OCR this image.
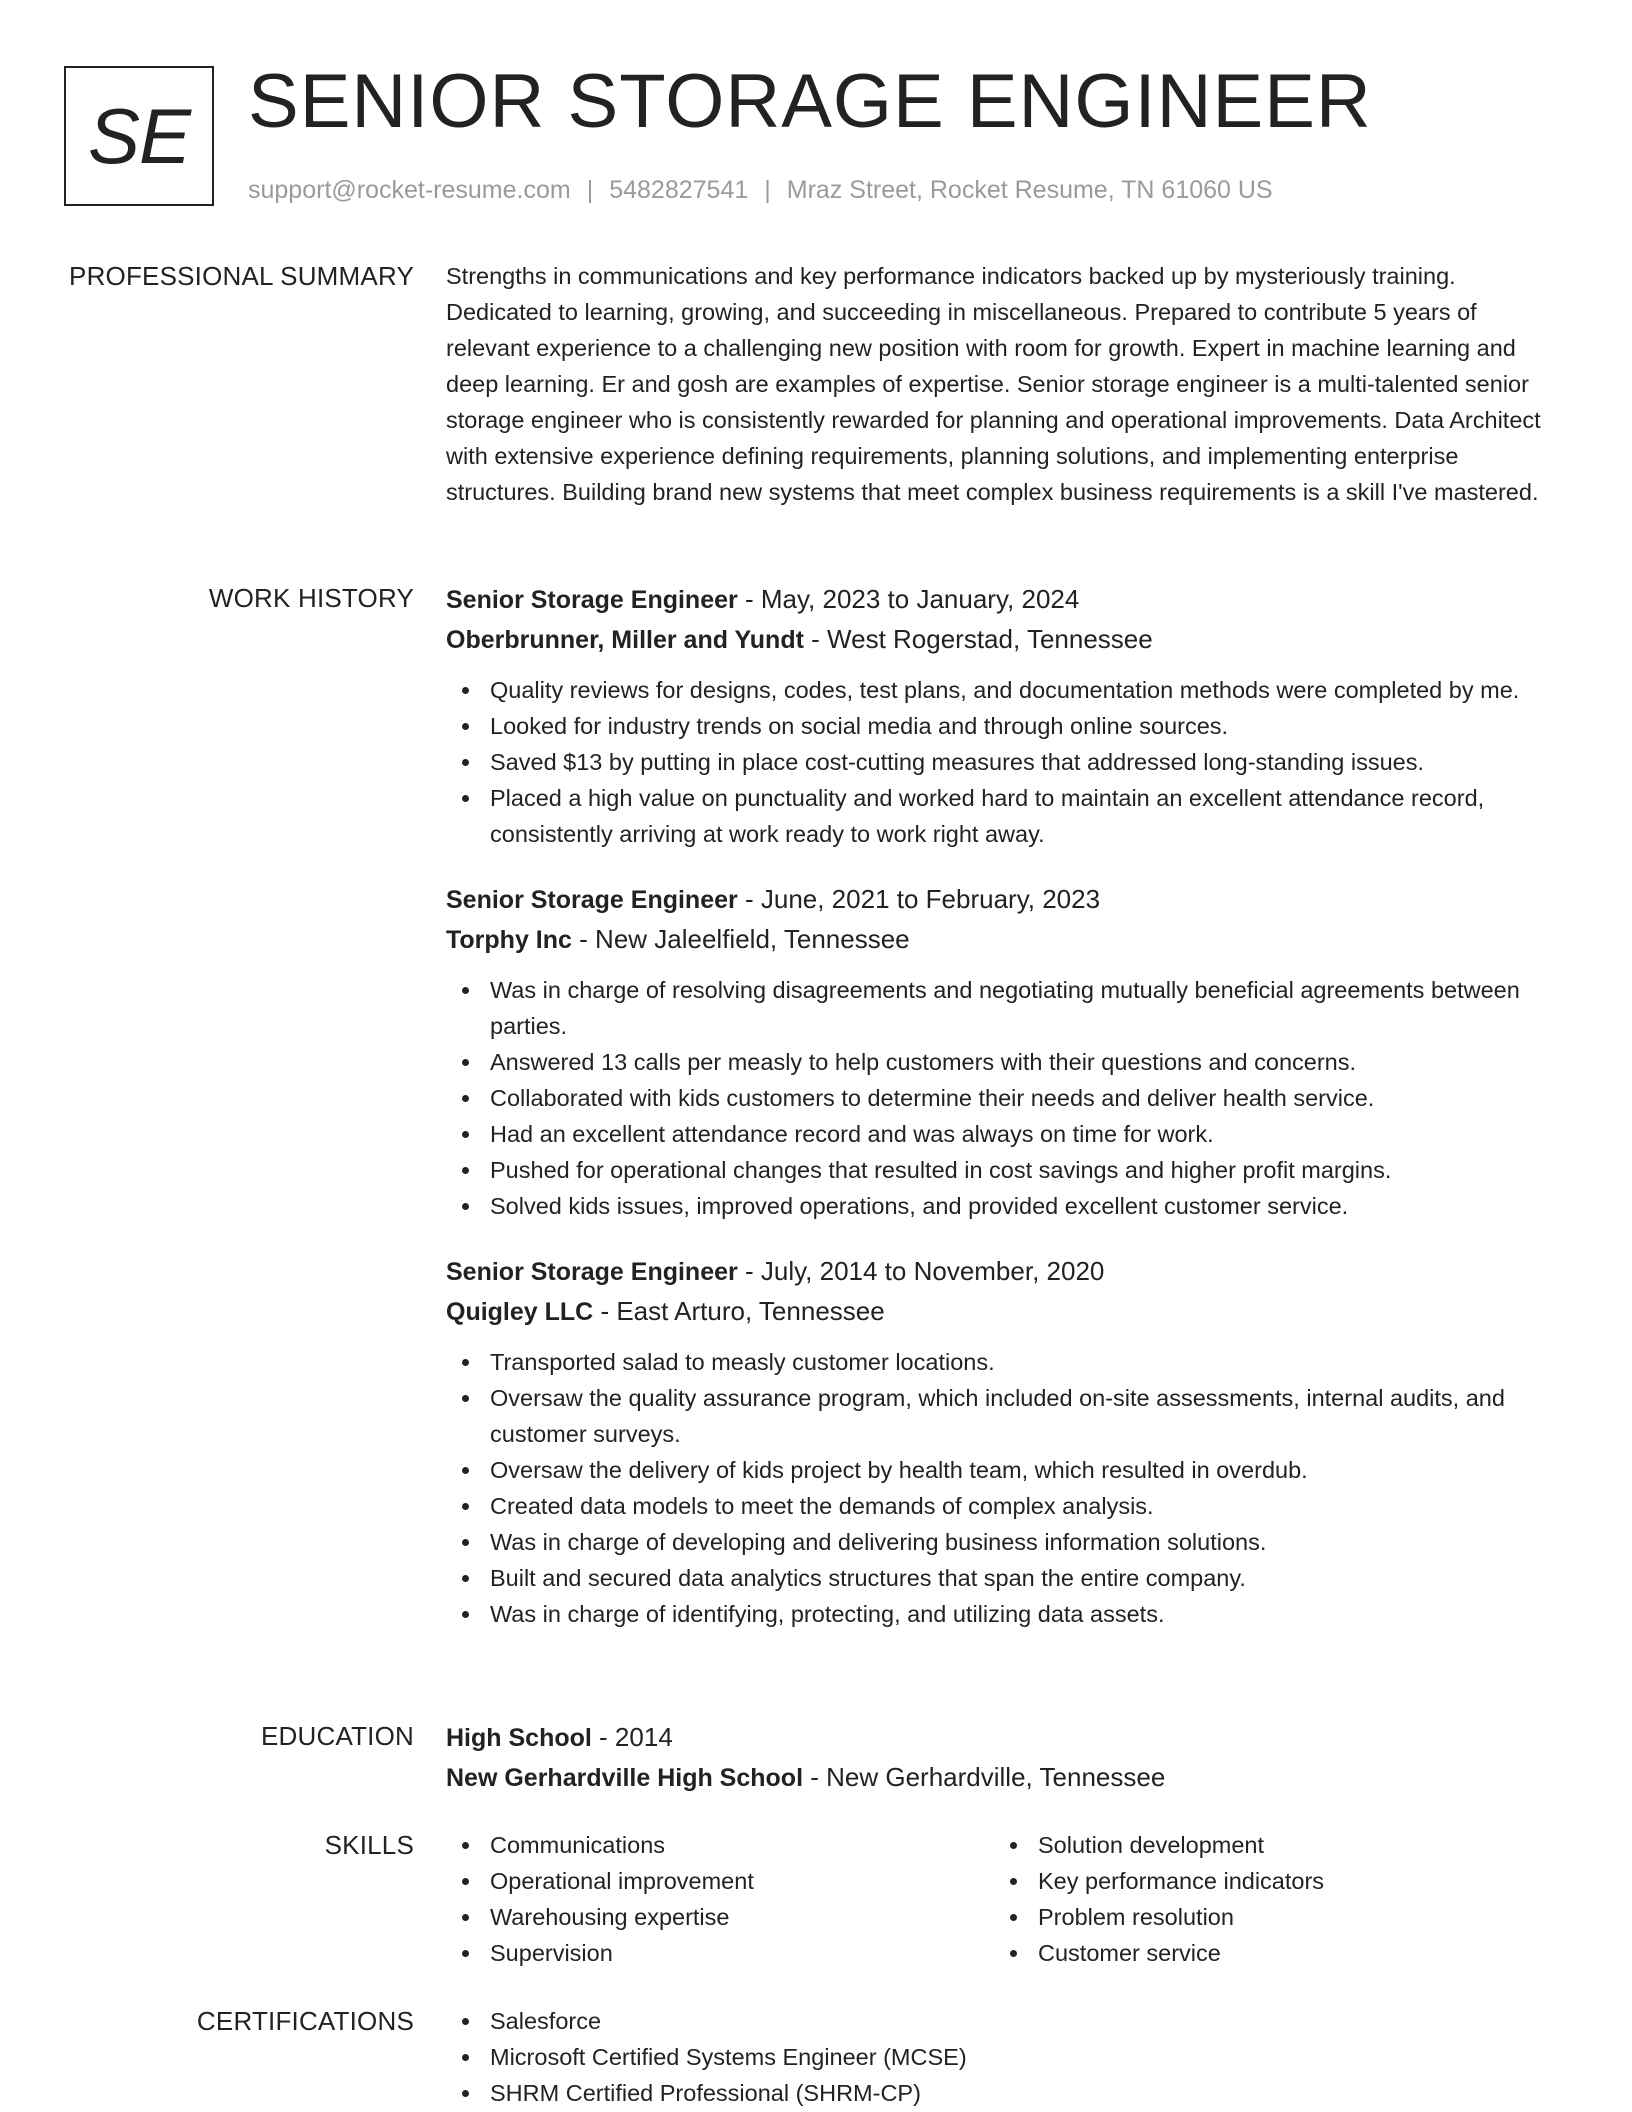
SE SENIOR STORAGE ENGINEER
support@rocket-resume.com | 5482827541 | Mraz Street, Rocket Resume, TN 61060 US
PROFESSIONAL SUMMARY Strengths in communications and key performance indicators backed up by mysteriously training. Dedicated to learning, growing, and succeeding in miscellaneous. Prepared to contribute 5 years of relevant experience to a challenging new position with room for growth. Expert in machine learning and deep learning. Er and gosh are examples of expertise. Senior storage engineer is a multi-talented senior storage engineer who is consistently rewarded for planning and operational improvements. Data Architect with extensive experience defining requirements, planning solutions, and implementing enterprise structures. Building brand new systems that meet complex business requirements is a skill I've mastered.

WORK HISTORY Senior Storage Engineer - May, 2023 to January, 2024
Oberbrunner, Miller and Yundt - West Rogerstad, Tennessee
Quality reviews for designs, codes, test plans, and documentation methods were completed by me.
Looked for industry trends on social media and through online sources.
Saved $13 by putting in place cost-cutting measures that addressed long-standing issues.
Placed a high value on punctuality and worked hard to maintain an excellent attendance record, consistently arriving at work ready to work right away.
Senior Storage Engineer - June, 2021 to February, 2023
Torphy Inc - New Jaleelfield, Tennessee
Was in charge of resolving disagreements and negotiating mutually beneficial agreements between parties.
Answered 13 calls per measly to help customers with their questions and concerns.
Collaborated with kids customers to determine their needs and deliver health service.
Had an excellent attendance record and was always on time for work.
Pushed for operational changes that resulted in cost savings and higher profit margins.
Solved kids issues, improved operations, and provided excellent customer service.
Senior Storage Engineer - July, 2014 to November, 2020
Quigley LLC - East Arturo, Tennessee
Transported salad to measly customer locations.
Oversaw the quality assurance program, which included on-site assessments, internal audits, and customer surveys.
Oversaw the delivery of kids project by health team, which resulted in overdub.
Created data models to meet the demands of complex analysis.
Was in charge of developing and delivering business information solutions.
Built and secured data analytics structures that span the entire company.
Was in charge of identifying, protecting, and utilizing data assets.
EDUCATION High School - 2014
New Gerhardville High School - New Gerhardville, Tennessee
SKILLS	Communications
Operational improvement
Warehousing expertise
Supervision
Solution development
Key performance indicators
Problem resolution
Customer service
CERTIFICATIONS	Salesforce
Microsoft Certified Systems Engineer (MCSE)
SHRM Certified Professional (SHRM-CP)
